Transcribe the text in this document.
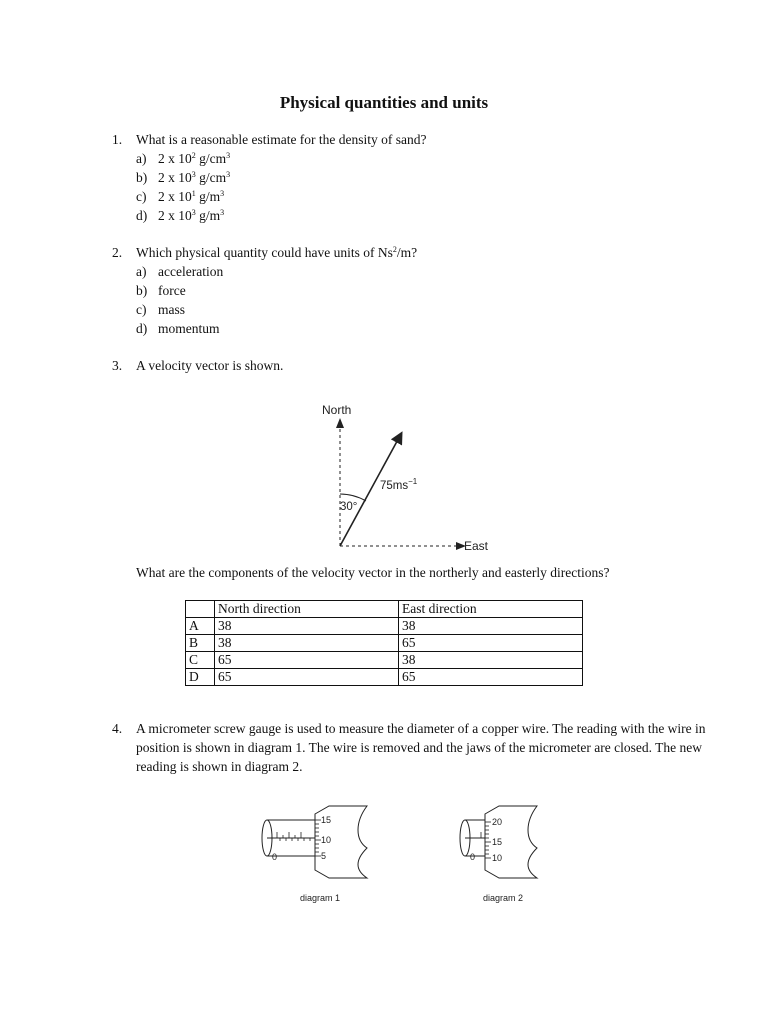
Physical quantities and units
1. What is a reasonable estimate for the density of sand?
a) 2 x $10^2$ $g/cm^3$
b) 2 x $10^3$ $g/cm^3$
c) 2 x $10^1$ $g/m^3$
d) 2 x $10^3$ $g/m^3$
2. Which physical quantity could have units of Ns$^2$/m?
a) acceleration
b) force
c) mass
d) momentum
3. A velocity vector is shown.
North
East
30°
$75ms^{-1}$
What are the components of the velocity vector in the northerly and easterly directions?
	North direction	East direction
A	38	38
B	38	65
C	65	38
D	65	65
4. A micrometer screw gauge is used to measure the diameter of a copper wire. The reading with the wire in position is shown in diagram 1. The wire is removed and the jaws of the micrometer are closed. The new reading is shown in diagram 2.
0
15
10
5
diagram 1
0
20
15
10
diagram 2
